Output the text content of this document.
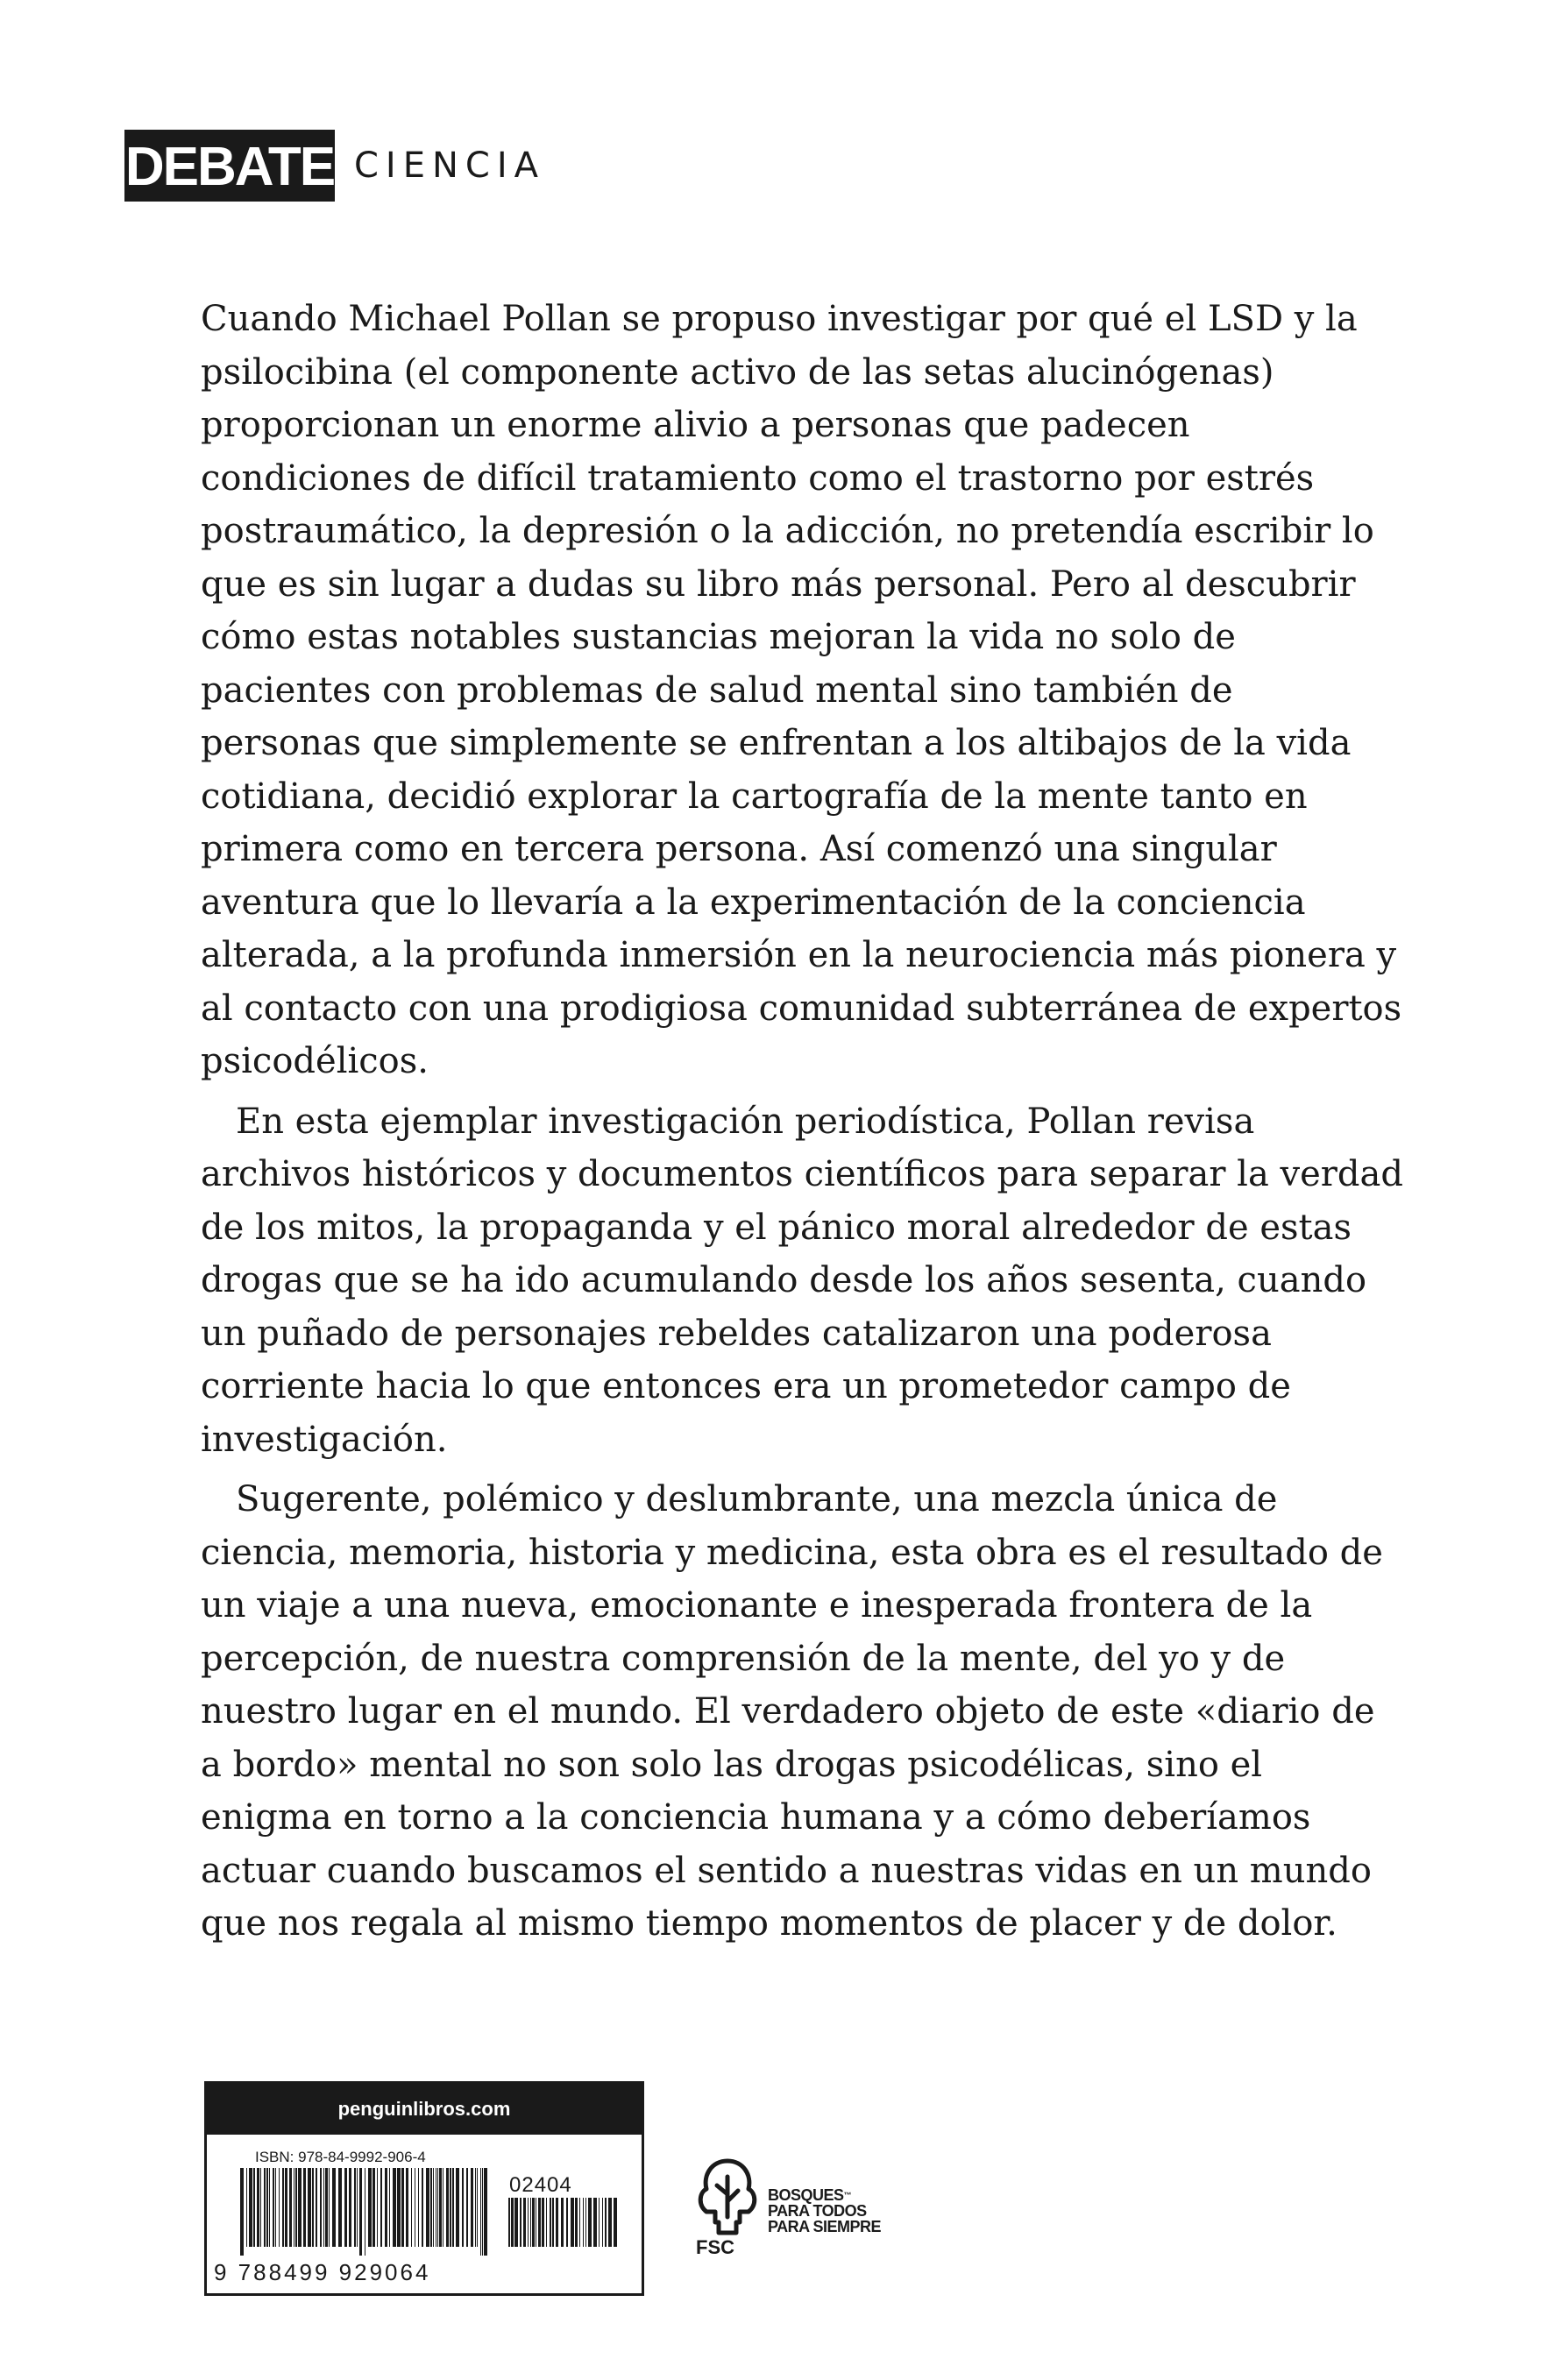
DEBATE CIENCIA

Cuando Michael Pollan se propuso investigar por qué el LSD y la psilocibina (el componente activo de las setas alucinógenas) proporcionan un enorme alivio a personas que padecen condiciones de difícil tratamiento como el trastorno por estrés postraumático, la depresión o la adicción, no pretendía escribir lo que es sin lugar a dudas su libro más personal. Pero al descubrir cómo estas notables sustancias mejoran la vida no solo de pacientes con problemas de salud mental sino también de personas que simplemente se enfrentan a los altibajos de la vida cotidiana, decidió explorar la cartografía de la mente tanto en primera como en tercera persona. Así comenzó una singular aventura que lo llevaría a la experimentación de la conciencia alterada, a la profunda inmersión en la neurociencia más pionera y al contacto con una prodigiosa comunidad subterránea de expertos psicodélicos.

En esta ejemplar investigación periodística, Pollan revisa archivos históricos y documentos científicos para separar la verdad de los mitos, la propaganda y el pánico moral alrededor de estas drogas que se ha ido acumulando desde los años sesenta, cuando un puñado de personajes rebeldes catalizaron una poderosa corriente hacia lo que entonces era un prometedor campo de investigación.

Sugerente, polémico y deslumbrante, una mezcla única de ciencia, memoria, historia y medicina, esta obra es el resultado de un viaje a una nueva, emocionante e inesperada frontera de la percepción, de nuestra comprensión de la mente, del yo y de nuestro lugar en el mundo. El verdadero objeto de este «diario de a bordo» mental no son solo las drogas psicodélicas, sino el enigma en torno a la conciencia humana y a cómo deberíamos actuar cuando buscamos el sentido a nuestras vidas en un mundo que nos regala al mismo tiempo momentos de placer y de dolor.

penguinlibros.com
ISBN: 978-84-9992-906-4
02404
9 788499 929064
FSC
BOSQUES™
PARA TODOS
PARA SIEMPRE
